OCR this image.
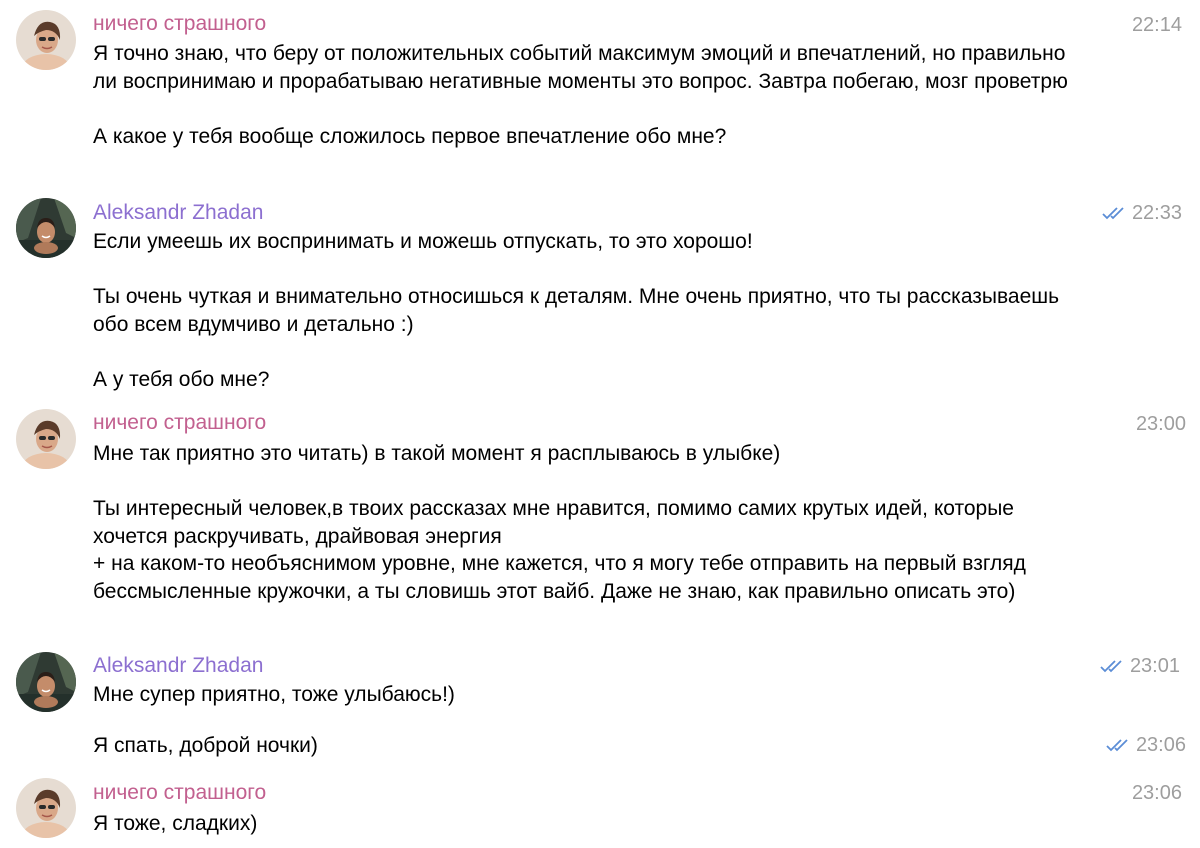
ничего страшного	22:14
Я точно знаю, что беру от положительных событий максимум эмоций и впечатлений, но правильно ли воспринимаю и прорабатываю негативные моменты это вопрос. Завтра побегаю, мозг проветрю

А какое у тебя вообще сложилось первое впечатление обо мне?
Aleksandr Zhadan	22:33
Если умеешь их воспринимать и можешь отпускать, то это хорошо!

Ты очень чуткая и внимательно относишься к деталям. Мне очень приятно, что ты рассказываешь обо всем вдумчиво и детально :)

А у тебя обо мне?
ничего страшного	23:00
Мне так приятно это читать) в такой момент я расплываюсь в улыбке)

Ты интересный человек,в твоих рассказах мне нравится, помимо самих крутых идей, которые хочется раскручивать, драйвовая энергия
+ на каком-то необъяснимом уровне, мне кажется, что я могу тебе отправить на первый взгляд бессмысленные кружочки, а ты словишь этот вайб. Даже не знаю, как правильно описать это)
Aleksandr Zhadan	23:01
Мне супер приятно, тоже улыбаюсь!)
23:06
Я спать, доброй ночки)
ничего страшного	23:06
Я тоже, сладких)
